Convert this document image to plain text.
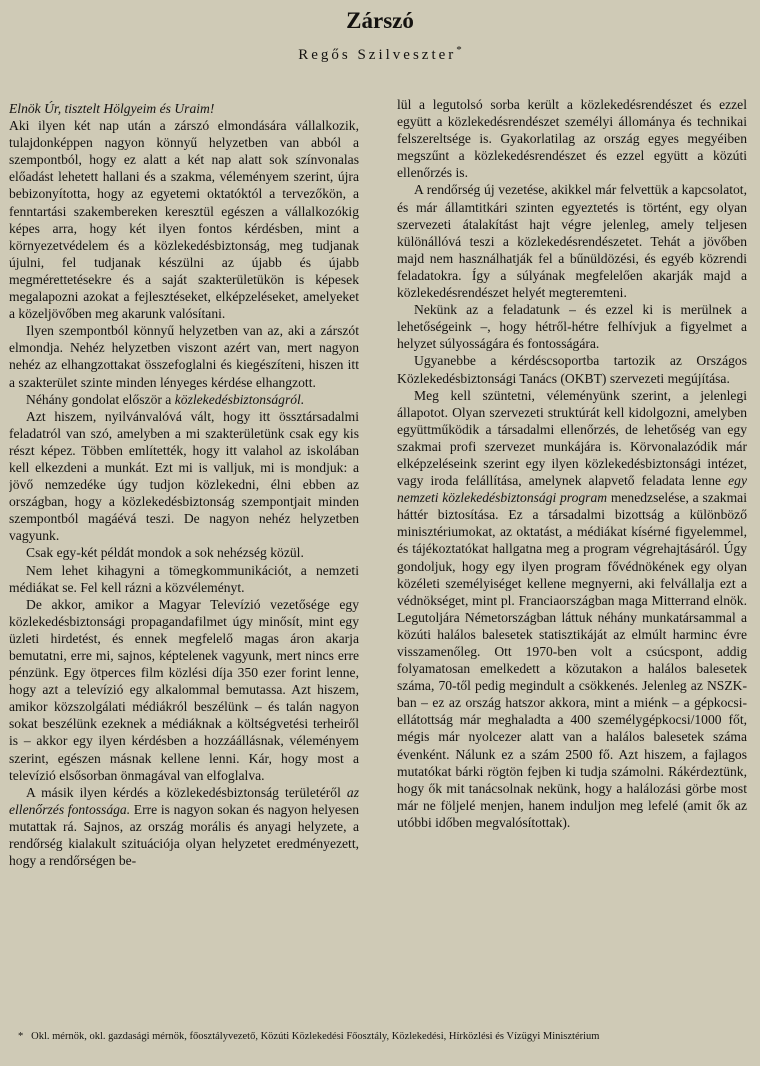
Zárszó
Regős Szilveszter*

Elnök Úr, tisztelt Hölgyeim és Uraim!

Aki ilyen két nap után a zárszó elmondására vállalkozik, tulajdonképpen nagyon könnyű helyzetben van abból a szempontból, hogy ez alatt a két nap alatt sok színvonalas előadást lehetett hallani és a szakma, véleményem szerint, újra bebizonyította, hogy az egyetemi oktatóktól a tervezőkön, a fenntartási szakembereken keresztül egészen a vállalkozókig képes arra, hogy két ilyen fontos kérdésben, mint a környezetvédelem és a közlekedésbiztonság, meg tudjanak újulni, fel tudjanak készülni az újabb és újabb megmérettetésekre és a saját szakterületükön is képesek megalapozni azokat a fejlesztéseket, elképzeléseket, amelyeket a közeljövőben meg akarunk valósítani.

Ilyen szempontból könnyű helyzetben van az, aki a zárszót elmondja. Nehéz helyzetben viszont azért van, mert nagyon nehéz az elhangzottakat összefoglalni és kiegészíteni, hiszen itt a szakterület szinte minden lényeges kérdése elhangzott.

Néhány gondolat először a közlekedésbiztonságról.

Azt hiszem, nyilvánvalóvá vált, hogy itt össztársadalmi feladatról van szó, amelyben a mi szakterületünk csak egy kis részt képez. Többen említették, hogy itt valahol az iskolában kell elkezdeni a munkát. Ezt mi is valljuk, mi is mondjuk: a jövő nemzedéke úgy tudjon közlekedni, élni ebben az országban, hogy a közlekedésbiztonság szempontjait minden szempontból magáévá teszi. De nagyon nehéz helyzetben vagyunk.

Csak egy-két példát mondok a sok nehézség közül.

Nem lehet kihagyni a tömegkommunikációt, a nemzeti médiákat se. Fel kell rázni a közvéleményt.

De akkor, amikor a Magyar Televízió vezetősége egy közlekedésbiztonsági propagandafilmet úgy minősít, mint egy üzleti hirdetést, és ennek megfelelő magas áron akarja bemutatni, erre mi, sajnos, képtelenek vagyunk, mert nincs erre pénzünk. Egy ötperces film közlési díja 350 ezer forint lenne, hogy azt a televízió egy alkalommal bemutassa. Azt hiszem, amikor közszolgálati médiákról beszélünk – és talán nagyon sokat beszélünk ezeknek a médiáknak a költségvetési terheiről is – akkor egy ilyen kérdésben a hozzáállásnak, véleményem szerint, egészen másnak kellene lenni. Kár, hogy most a televízió elsősorban önmagával van elfoglalva.

A másik ilyen kérdés a közlekedésbiztonság területéről az ellenőrzés fontossága. Erre is nagyon sokan és nagyon helyesen mutattak rá. Sajnos, az ország morális és anyagi helyzete, a rendőrség kialakult szituációja olyan helyzetet eredményezett, hogy a rendőrségen be-

lül a legutolsó sorba került a közlekedésrendészet és ezzel együtt a közlekedésrendészet személyi állománya és technikai felszereltsége is. Gyakorlatilag az ország egyes megyéiben megszűnt a közlekedésrendészet és ezzel együtt a közúti ellenőrzés is.

A rendőrség új vezetése, akikkel már felvettük a kapcsolatot, és már államtitkári szinten egyeztetés is történt, egy olyan szervezeti átalakítást hajt végre jelenleg, amely teljesen különállóvá teszi a közlekedésrendészetet. Tehát a jövőben majd nem használhatják fel a bűnüldözési, és egyéb közrendi feladatokra. Így a súlyának megfelelően akarják majd a közlekedésrendészet helyét megteremteni.

Nekünk az a feladatunk – és ezzel ki is merülnek a lehetőségeink –, hogy hétről-hétre felhívjuk a figyelmet a helyzet súlyosságára és fontosságára.

Ugyanebbe a kérdéscsoportba tartozik az Országos Közlekedésbiztonsági Tanács (OKBT) szervezeti megújítása.

Meg kell szüntetni, véleményünk szerint, a jelenlegi állapotot. Olyan szervezeti struktúrát kell kidolgozni, amelyben együttműködik a társadalmi ellenőrzés, de lehetőség van egy szakmai profi szervezet munkájára is. Körvonalazódik már elképzeléseink szerint egy ilyen közlekedésbiztonsági intézet, vagy iroda felállítása, amelynek alapvető feladata lenne egy nemzeti közlekedésbiztonsági program menedzselése, a szakmai háttér biztosítása. Ez a társadalmi bizottság a különböző minisztériumokat, az oktatást, a médiákat kísérné figyelemmel, és tájékoztatókat hallgatna meg a program végrehajtásáról. Úgy gondoljuk, hogy egy ilyen program fővédnökének egy olyan közéleti személyiséget kellene megnyerni, aki felvállalja ezt a védnökséget, mint pl. Franciaországban maga Mitterrand elnök. Legutoljára Németországban láttuk néhány munkatársammal a közúti halálos balesetek statisztikáját az elmúlt harminc évre visszamenőleg. Ott 1970-ben volt a csúcspont, addig folyamatosan emelkedett a közutakon a halálos balesetek száma, 70-től pedig megindult a csökkenés. Jelenleg az NSZK-ban – ez az ország hatszor akkora, mint a miénk – a gépkocsi-ellátottság már meghaladta a 400 személygépkocsi/1000 főt, mégis már nyolcezer alatt van a halálos balesetek száma évenként. Nálunk ez a szám 2500 fő. Azt hiszem, a fajlagos mutatókat bárki rögtön fejben ki tudja számolni. Rákérdeztünk, hogy ők mit tanácsolnak nekünk, hogy a halálozási görbe most már ne följelé menjen, hanem induljon meg lefelé (amit ők az utóbbi időben megvalósítottak).

* Okl. mérnök, okl. gazdasági mérnök, főosztályvezető, Közúti Közlekedési Főosztály, Közlekedési, Hírközlési és Vízügyi Minisztérium
